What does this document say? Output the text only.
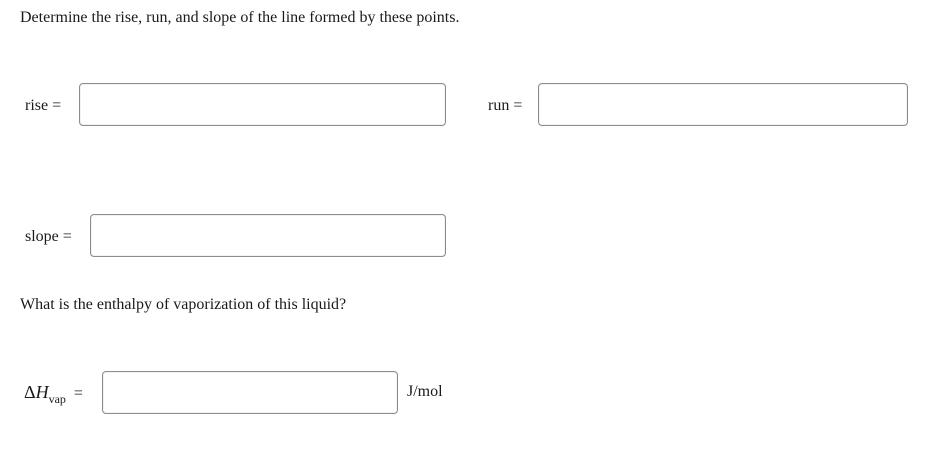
Determine the rise, run, and slope of the line formed by these points.
rise =	run =
slope =
What is the enthalpy of vaporization of this liquid?
$\Delta H_{vap}$ =	J/mol
